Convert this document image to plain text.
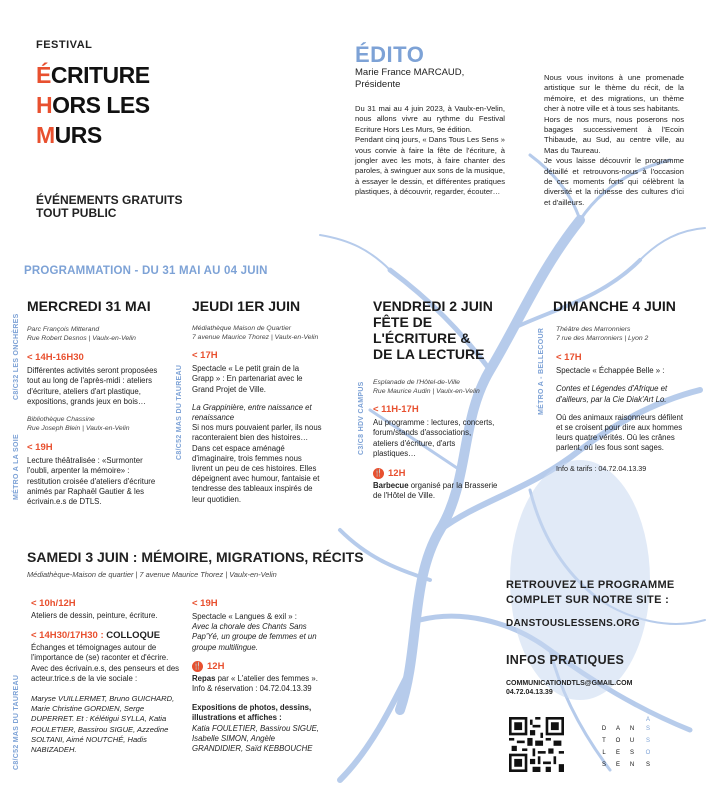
FESTIVAL
ÉCRITURE
HORS LES
MURS
ÉVÉNEMENTS GRATUITS
TOUT PUBLIC
ÉDITO
Marie France MARCAUD,
Présidente

Du 31 mai au 4 juin 2023, à Vaulx-en-Velin, nous allons vivre au rythme du Festival Ecriture Hors Les Murs, 9e édition.

Pendant cinq jours, « Dans Tous Les Sens » vous convie à faire la fête de l'écriture, à jongler avec les mots, à faire chanter des paroles, à swinguer aux sons de la musique, à essayer le dessin, et différentes pratiques plastiques, à découvrir, regarder, écouter…

Nous vous invitons à une promenade artistique sur le thème du récit, de la mémoire, et des migrations, un thème cher à notre ville et à tous ses habitants.

Hors de nos murs, nous poserons nos bagages successivement à l'Ecoin Thibaude, au Sud, au centre ville, au Mas du Taureau.

Je vous laisse découvrir le programme détaillé et retrouvons-nous à l'occasion de ces moments forts qui célèbrent la diversité et la richesse des cultures d'ici et d'ailleurs.

PROGRAMMATION - DU 31 MAI AU 04 JUIN
MERCREDI 31 MAI
C8/C32 LES ONCHÈRES
MÉTRO A LA SOIE
Parc François Mitterand
Rue Robert Desnos | Vaulx-en-Velin
< 14H-16H30
Différentes activités seront proposées tout au long de l'après-midi : ateliers d'écriture, ateliers d'art plastique, expositions, grands jeux en bois…
Bibliothèque Chassine
Rue Joseph Blein | Vaulx-en-Velin
< 19H
Lecture théâtralisée : «Surmonter l'oubli, arpenter la mémoire» : restitution croisée d'ateliers d'écriture animés par Raphaël Gautier & les écrivain.e.s de DTLS.
JEUDI 1ER JUIN
C8/C52 MAS DU TAUREAU
Médiathèque Maison de Quartier
7 avenue Maurice Thorez | Vaulx-en-Velin
< 17H
Spectacle « Le petit grain de la Grapp » : En partenariat avec le Grand Projet de Ville.
La Grappinière, entre naissance et renaissance
Si nos murs pouvaient parler, ils nous raconteraient bien des histoires… Dans cet espace aménagé d'imaginaire, trois femmes nous livrent un peu de ces histoires. Elles dépeignent avec humour, fantaisie et tendresse des tableaux inspirés de leur quotidien.
VENDREDI 2 JUIN
FÊTE DE
L'ÉCRITURE &
DE LA LECTURE
C3/C8 HDV CAMPUS Esplanade de l'Hôtel-de-Ville
Rue Maurice Audin | Vaulx-en-Velin
< 11H-17H
Au programme : lectures, concerts, forum/stands d'associations, ateliers d'écriture, d'arts plastiques…
🍴 12H
Barbecue organisé par la Brasserie de l'Hôtel de Ville.
DIMANCHE 4 JUIN
MÉTRO A - BELLECOUR Théâtre des Marronniers
7 rue des Marronniers | Lyon 2
< 17H
Spectacle « Échappée Belle » :
Contes et Légendes d'Afrique et d'ailleurs, par la Cie Diak'Art Lo.
Où des animaux raisonneurs défilent et se croisent pour dire aux hommes leurs quatre vérités. Où les crânes parlent, où les fous sont sages.
Info & tarifs : 04.72.04.13.39
SAMEDI 3 JUIN : MÉMOIRE, MIGRATIONS, RÉCITS
Médiathèque-Maison de quartier | 7 avenue Maurice Thorez | Vaulx-en-Velin
C8/C52 MAS DU TAUREAU
< 10h/12H
Ateliers de dessin, peinture, écriture.
< 14H30/17H30 : COLLOQUE
Échanges et témoignages autour de l'importance de (se) raconter et d'écrire. Avec des écrivain.e.s, des penseurs et des acteur.trice.s de la vie sociale :
Maryse VUILLERMET, Bruno GUICHARD, Marie Christine GORDIEN, Serge DUPERRET. Et : Kélétigui SYLLA, Katia FOULETIER, Bassirou SIGUE, Azzedine SOLTANI, Aimé NOUTCHÉ, Hadis NABIZADEH.
< 19H
Spectacle « Langues & exil » :
Avec la chorale des Chants Sans Pap'Yé, un groupe de femmes et un groupe multilingue.
🍴 12H
Repas par « L'atelier des femmes ». Info & réservation : 04.72.04.13.39
Expositions de photos, dessins, illustrations et affiches :
Katia FOULETIER, Bassirou SIGUE, Isabelle SIMON, Angèle GRANDIDIER, Saïd KEBBOUCHE
RETROUVEZ LE PROGRAMME
COMPLET SUR NOTRE SITE :
DANSTOUSLESSENS.ORG
INFOS PRATIQUES
COMMUNICATIONDTLS@GMAIL.COM
04.72.04.13.39
A
D A N S
T O U S
L E S O
S E N S
